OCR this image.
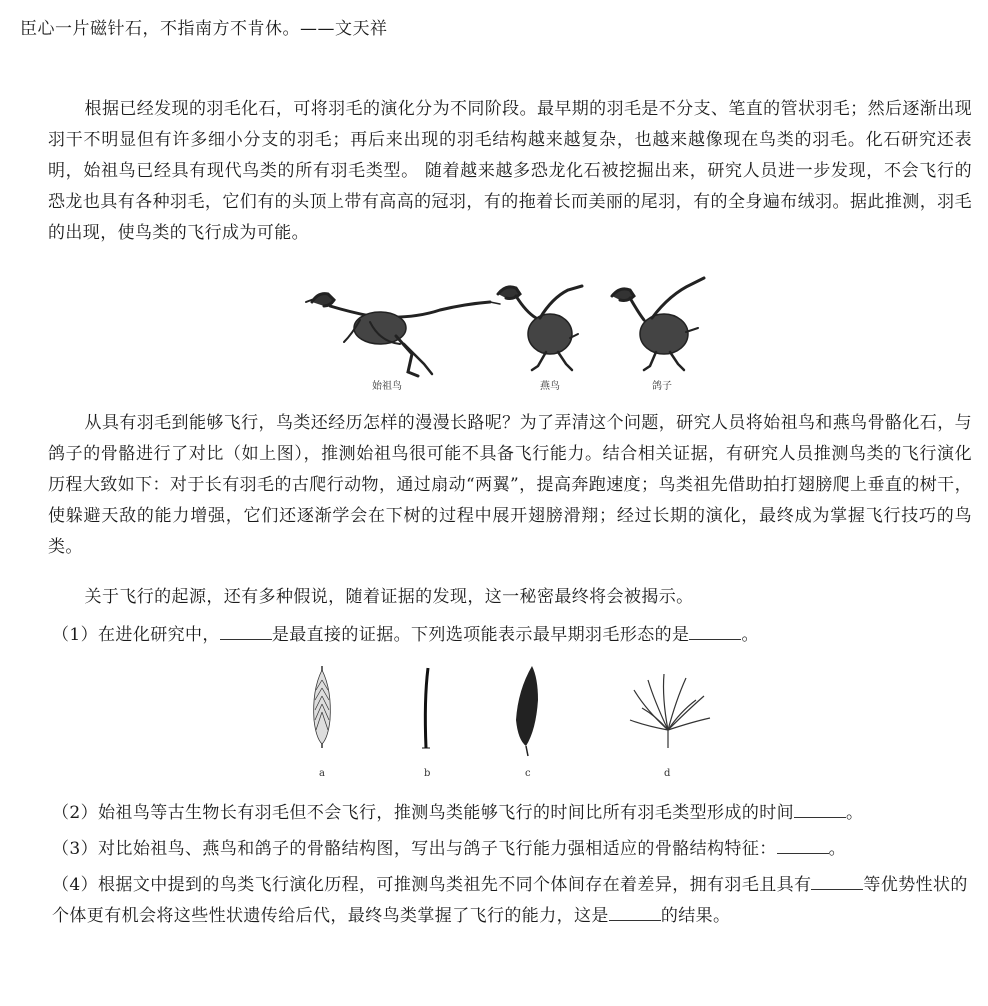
臣心一片磁针石，不指南方不肯休。——文天祥

根据已经发现的羽毛化石，可将羽毛的演化分为不同阶段。最早期的羽毛是不分支、笔直的管状羽毛；然后逐渐出现羽干不明显但有许多细小分支的羽毛；再后来出现的羽毛结构越来越复杂，也越来越像现在鸟类的羽毛。化石研究还表明，始祖鸟已经具有现代鸟类的所有羽毛类型。 随着越来越多恐龙化石被挖掘出来，研究人员进一步发现，不会飞行的恐龙也具有各种羽毛，它们有的头顶上带有高高的冠羽，有的拖着长而美丽的尾羽，有的全身遍布绒羽。据此推测，羽毛的出现，使鸟类的飞行成为可能。

始祖鸟	燕鸟	鸽子

从具有羽毛到能够飞行，鸟类还经历怎样的漫漫长路呢？为了弄清这个问题，研究人员将始祖鸟和燕鸟骨骼化石，与鸽子的骨骼进行了对比（如上图），推测始祖鸟很可能不具备飞行能力。结合相关证据，有研究人员推测鸟类的飞行演化历程大致如下：对于长有羽毛的古爬行动物，通过扇动“两翼”，提高奔跑速度；鸟类祖先借助拍打翅膀爬上垂直的树干，使躲避天敌的能力增强，它们还逐渐学会在下树的过程中展开翅膀滑翔；经过长期的演化，最终成为掌握飞行技巧的鸟类。

关于飞行的起源，还有多种假说，随着证据的发现，这一秘密最终将会被揭示。

（1）在进化研究中，	是最直接的证据。下列选项能表示最早期羽毛形态的是	。

a	b	c	d

（2）始祖鸟等古生物长有羽毛但不会飞行，推测鸟类能够飞行的时间比所有羽毛类型形成的时间	。

（3）对比始祖鸟、燕鸟和鸽子的骨骼结构图，写出与鸽子飞行能力强相适应的骨骼结构特征：	。

（4）根据文中提到的鸟类飞行演化历程，可推测鸟类祖先不同个体间存在着差异，拥有羽毛且具有	等优势性状的个体更有机会将这些性状遗传给后代，最终鸟类掌握了飞行的能力，这是	的结果。
